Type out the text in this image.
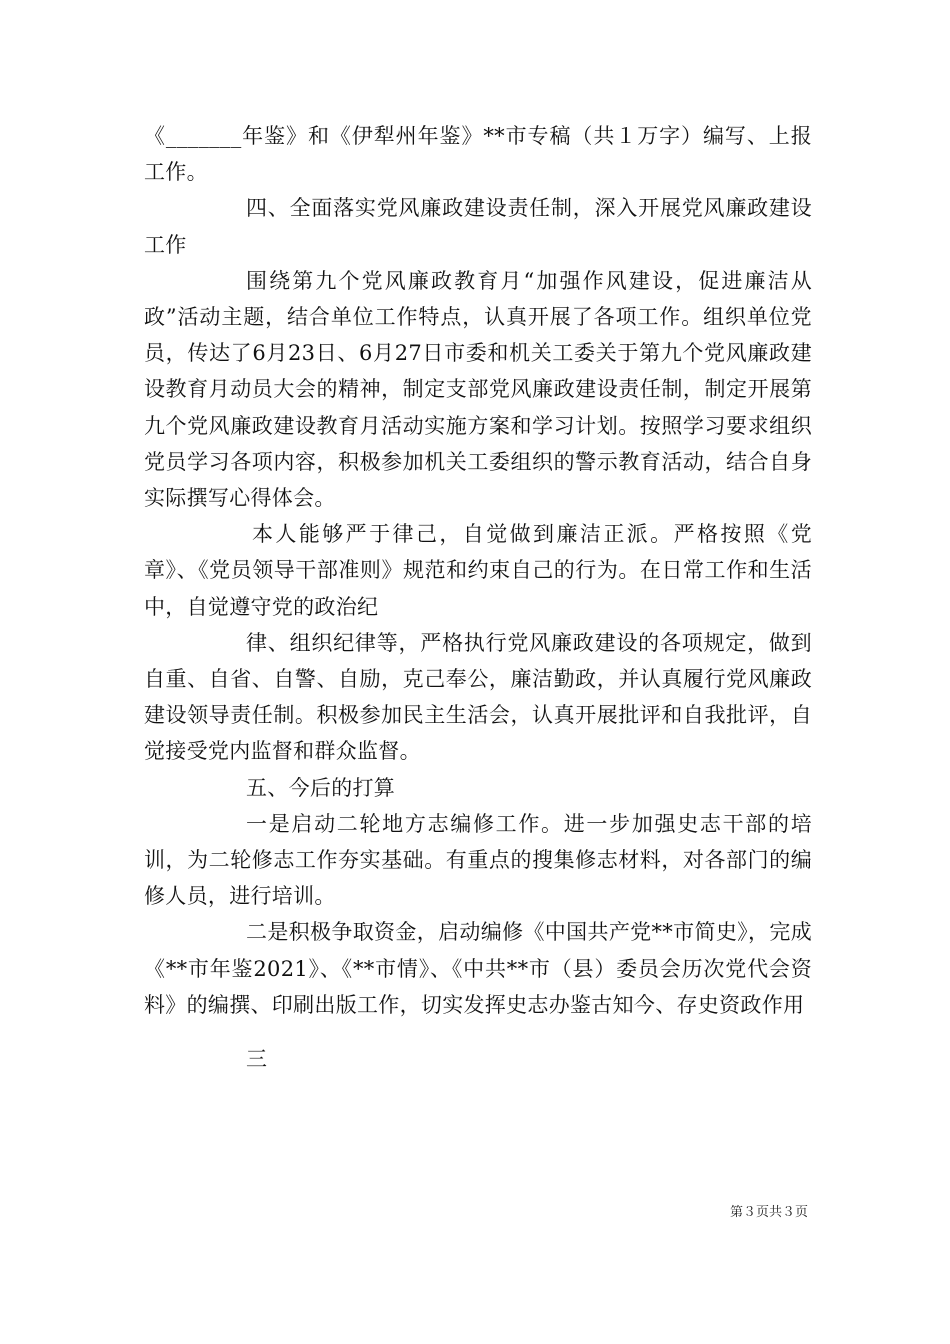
《_______年鉴》和《伊犁州年鉴》**市专稿（共１万字）编写、上报工作。

四、全面落实党风廉政建设责任制，深入开展党风廉政建设工作

围绕第九个党风廉政教育月“加强作风建设，促进廉洁从政”活动主题，结合单位工作特点，认真开展了各项工作。组织单位党员，传达了6月23日、6月27日市委和机关工委关于第九个党风廉政建设教育月动员大会的精神，制定支部党风廉政建设责任制，制定开展第九个党风廉政建设教育月活动实施方案和学习计划。按照学习要求组织党员学习各项内容，积极参加机关工委组织的警示教育活动，结合自身实际撰写心得体会。

本人能够严于律己，自觉做到廉洁正派。严格按照《党章》、《党员领导干部准则》规范和约束自己的行为。在日常工作和生活中，自觉遵守党的政治纪

律、组织纪律等，严格执行党风廉政建设的各项规定，做到自重、自省、自警、自励，克己奉公，廉洁勤政，并认真履行党风廉政建设领导责任制。积极参加民主生活会，认真开展批评和自我批评，自觉接受党内监督和群众监督。

五、今后的打算

一是启动二轮地方志编修工作。进一步加强史志干部的培训，为二轮修志工作夯实基础。有重点的搜集修志材料，对各部门的编修人员，进行培训。

二是积极争取资金，启动编修《中国共产党**市简史》，完成《**市年鉴2021》、《**市情》、《中共**市（县）委员会历次党代会资料》的编撰、印刷出版工作，切实发挥史志办鉴古知今、存史资政作用

三

第３页共３页
